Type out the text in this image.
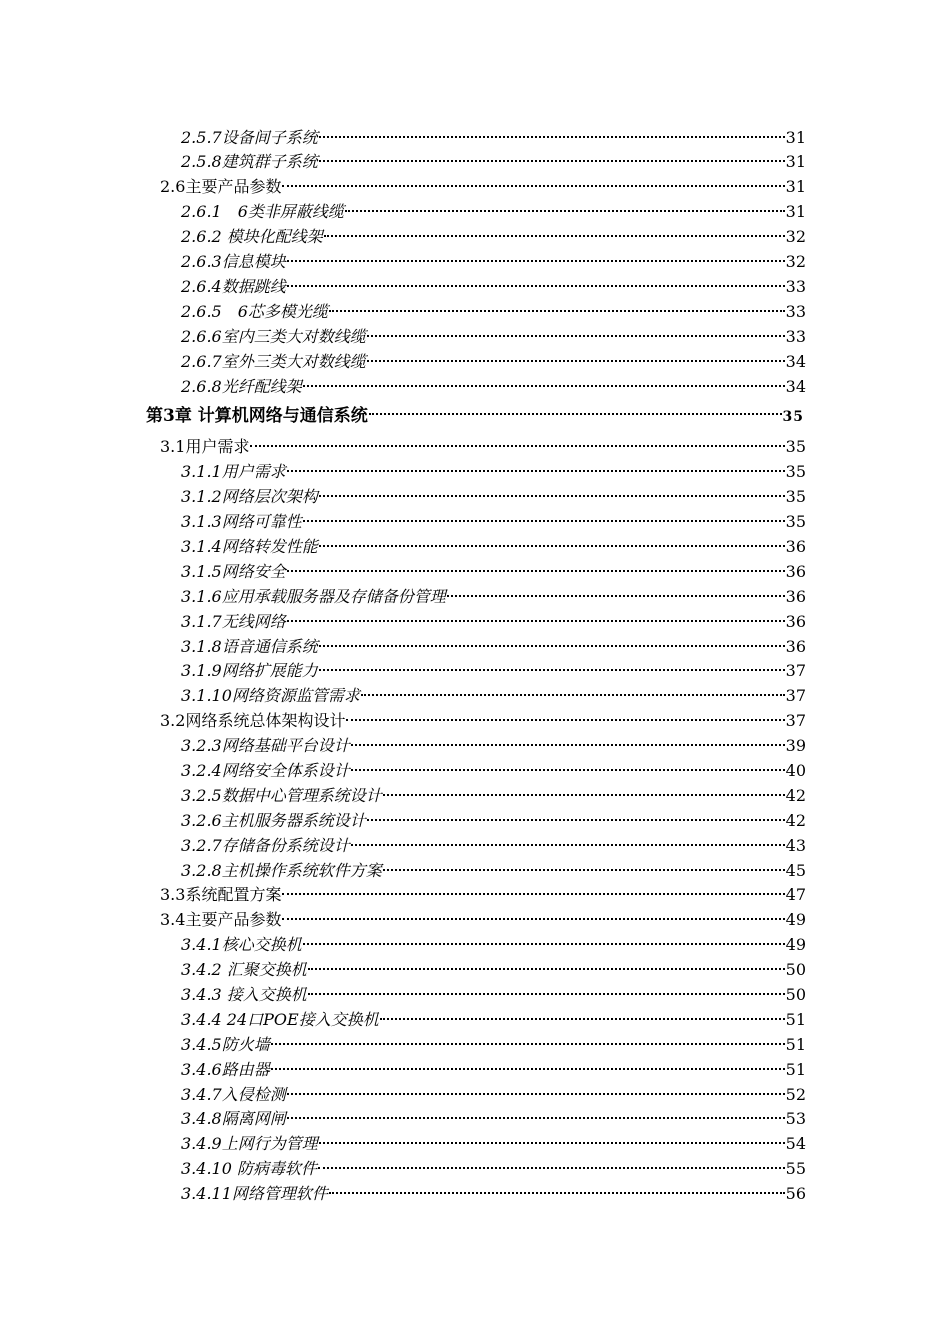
2.5.7设备间子系统	31
2.5.8建筑群子系统	31
2.6主要产品参数	31
2.6.1　6类非屏蔽线缆	31
2.6.2 模块化配线架	32
2.6.3信息模块	32
2.6.4数据跳线	33
2.6.5　6芯多模光缆	33
2.6.6室内三类大对数线缆	33
2.6.7室外三类大对数线缆	34
2.6.8光纤配线架	34
第3章 计算机网络与通信系统	35
3.1用户需求	35
3.1.1用户需求	35
3.1.2网络层次架构	35
3.1.3网络可靠性	35
3.1.4网络转发性能	36
3.1.5网络安全	36
3.1.6应用承载服务器及存储备份管理	36
3.1.7无线网络	36
3.1.8语音通信系统	36
3.1.9网络扩展能力	37
3.1.10网络资源监管需求	37
3.2网络系统总体架构设计	37
3.2.3网络基础平台设计	39
3.2.4网络安全体系设计	40
3.2.5数据中心管理系统设计	42
3.2.6主机服务器系统设计	42
3.2.7存储备份系统设计	43
3.2.8主机操作系统软件方案	45
3.3系统配置方案	47
3.4主要产品参数	49
3.4.1核心交换机	49
3.4.2 汇聚交换机	50
3.4.3 接入交换机	50
3.4.4 24口POE接入交换机	51
3.4.5防火墙	51
3.4.6路由器	51
3.4.7入侵检测	52
3.4.8隔离网闸	53
3.4.9上网行为管理	54
3.4.10 防病毒软件	55
3.4.11网络管理软件	56
